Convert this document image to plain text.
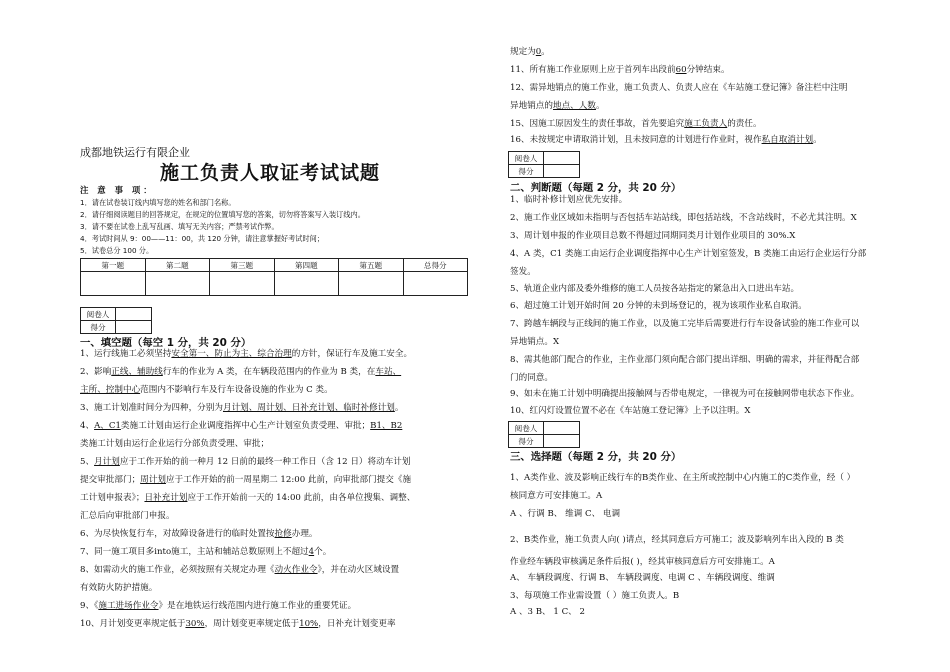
成都地铁运行有限企业
施工负责人取证考试试题
注 意 事 项：
1．请在试卷装订线内填写您的姓名和部门名称。
2．请仔细阅读题目的回答规定，在规定的位置填写您的答案，切勿将答案写入装订线内。
3．请不要在试卷上乱写乱画、填写无关内容；严禁考试作弊。
4．考试时间从 9：00——11：00，共 120 分钟，请注意掌握好考试时间；
5．试卷总分 100 分。
第一题	第二题	第三题	第四题	第五题	总得分

阅卷人	
得分	
一、填空题（每空 1 分，共 20 分）
1、运行线施工必须坚持安全第一、防止为主、综合治理的方针，保证行车及施工安全。
2、影响正线、辅助线行车的作业为 A 类，在车辆段范围内的作业为 B 类，在车站、
主所、控制中心范围内不影响行车及行车设备设施的作业为 C 类。
3、施工计划准时间分为四种，分别为月计划、周计划、日补充计划、临时补修计划。
4、A、C1类施工计划由运行企业调度指挥中心生产计划室负责受理、审批；B1、B2
类施工计划由运行企业运行分部负责受理、审批；
5、月计划应于工作开始的前一种月 12 日前的最终一种工作日（含 12 日）将动车计划
提交审批部门；周计划应于工作开始的前一周星期二 12:00 此前，向审批部门提交《施
工计划申报表》；日补充计划应于工作开始前一天的 14:00 此前，由各单位搜集、调整、
汇总后向审批部门申报。
6、为尽快恢复行车，对故障设备进行的临时处置按抢修办理。
7、同一施工项目多into施工，主站和辅站总数原则上不超过4个。
8、如需动火的施工作业，必须按照有关规定办理《动火作业令》，并在动火区域设置
有效防火防护措施。
9、《施工进场作业令》是在地铁运行线范围内进行施工作业的重要凭证。
10、月计划变更率规定低于30%，周计划变更率规定低于10%，日补充计划变更率
规定为0。
11、所有施工作业原则上应于首列车出段前60分钟结束。
12、需异地销点的施工作业，施工负责人、负责人应在《车站施工登记簿》备注栏中注明
异地销点的地点、人数。
15、因施工原因发生的责任事故，首先要追究施工负责人的责任。
16、未按规定申请取消计划，且未按同意的计划进行作业时，视作私自取消计划。
阅卷人	
得分	
二、判断题（每题 2 分，共 20 分）
1、临时补修计划应优先安排。
2、施工作业区域如未指明与否包括车站站线，即包括站线，不含站线时，不必尤其注明。X
3、周计划申报的作业项目总数不得超过同期同类月计划作业项目的 30%.X
4、A 类，C1 类施工由运行企业调度指挥中心生产计划室签发，B 类施工由运行企业运行分部
签发。
5、轨道企业内部及委外维修的施工人员按各站指定的紧急出入口进出车站。
6、超过施工计划开始时间 20 分钟的未到场登记的，视为该项作业私自取消。
7、跨越车辆段与正线间的施工作业，以及施工完毕后需要进行行车设备试验的施工作业可以
异地销点。X
8、需其他部门配合的作业，主作业部门须向配合部门提出详细、明确的需求，并征得配合部
门的同意。
9、如未在施工计划中明确提出接触网与否带电规定，一律视为可在接触网带电状态下作业。
10、红闪灯设置位置不必在《车站施工登记簿》上予以注明。X
阅卷人	
得分	
三、选择题（每题 2 分，共 20 分）
1、A类作业、波及影响正线行车的B类作业、在主所或控制中心内施工的C类作业，经（ ）
核同意方可安排施工。A
A 、行调 B、 维调 C、 电调
2、B类作业，施工负责人向( )请点，经其同意后方可施工；波及影响列车出入段的 B 类
作业经车辆段审核满足条件后报( )，经其审核同意后方可安排施工。A
A、 车辆段调度、行调 B、 车辆段调度、电调 C 、车辆段调度、维调
3、每项施工作业需设置（ ）施工负责人。B
A 、3 B、 1 C、 2
